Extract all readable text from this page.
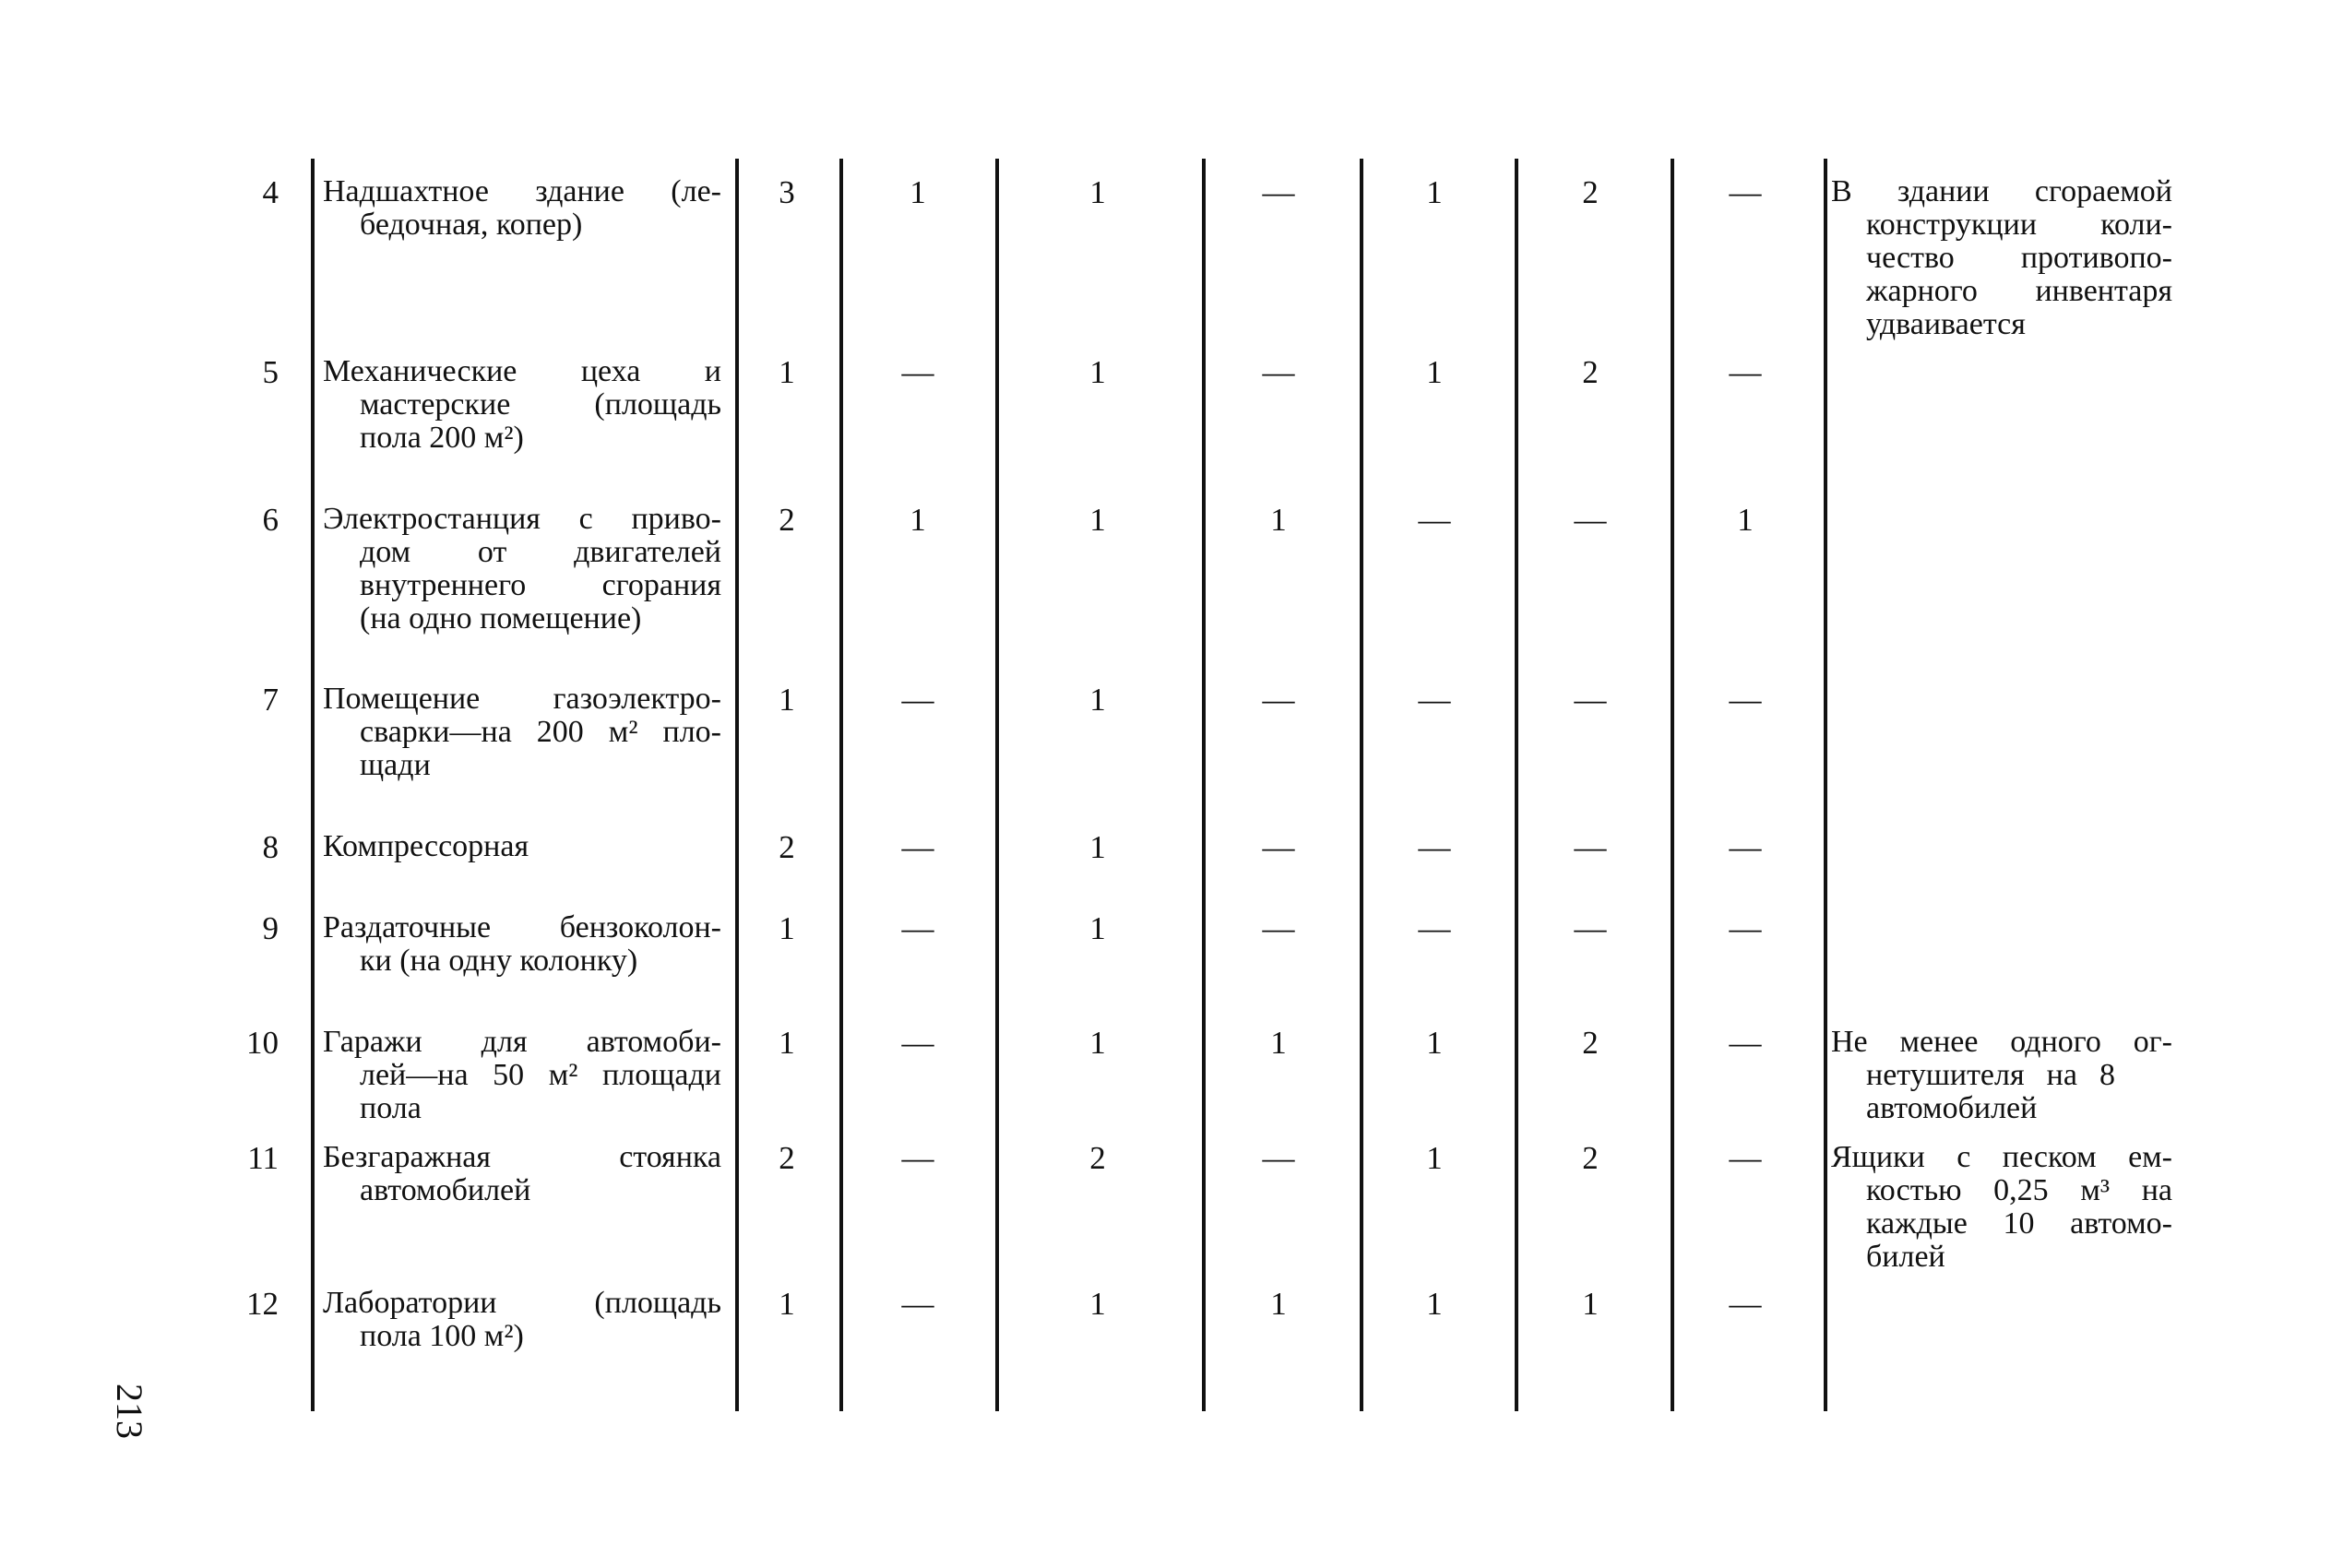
4 Надшахтное здание (ле-
бедочная, копер)
3	1	1	—	1	2	—	В здании сгораемой
конструкции коли-
чество противопо-
жарного инвентаря
удваивается
5 Механические цеха и
мастерские (площадь
пола 200 м²)
1	—	1	—	1	2	—
6 Электростанция с приво-
дом от двигателей
внутреннего сгорания
(на одно помещение)
2	1	1	1	—	—	1
7 Помещение газоэлектро-
сварки—на 200 м² пло-
щади
1	—	1	—	—	—	—
8 Компрессорная	2	—	1	—	—	—	—
9 Раздаточные бензоколон-
ки (на одну колонку)
1	—	1	—	—	—	—
10 Гаражи для автомоби-
лей—на 50 м² площади
пола
1	—	1	1	1	2	—	Не менее одного ог-
нетушителя на 8
автомобилей
11 Безгаражная стоянка
автомобилей
2	—	2	—	1	2	—	Ящики с песком ем-
костью 0,25 м³ на
каждые 10 автомо-
билей
12 Лаборатории (площадь
пола 100 м²)
1	—	1	1	1	1	—
213
